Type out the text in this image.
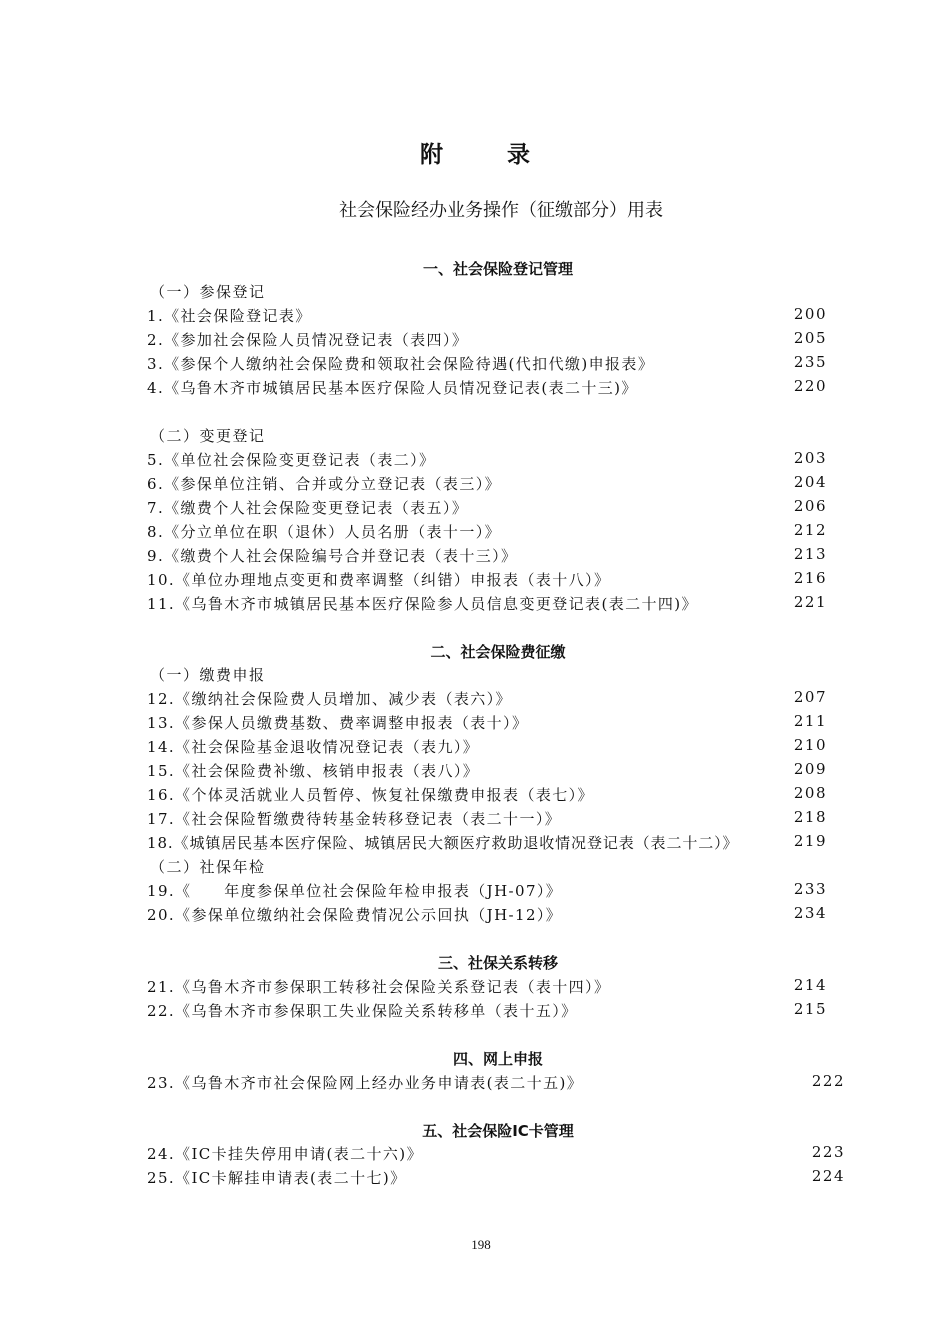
附 录
社会保险经办业务操作（征缴部分）用表
一、社会保险登记管理
（一）参保登记
1.《社会保险登记表》	200
2.《参加社会保险人员情况登记表（表四）》	205
3.《参保个人缴纳社会保险费和领取社会保险待遇(代扣代缴)申报表》	235
4.《乌鲁木齐市城镇居民基本医疗保险人员情况登记表(表二十三)》	220
（二）变更登记
5.《单位社会保险变更登记表（表二）》	203
6.《参保单位注销、合并或分立登记表（表三）》	204
7.《缴费个人社会保险变更登记表（表五）》	206
8.《分立单位在职（退休）人员名册（表十一）》	212
9.《缴费个人社会保险编号合并登记表（表十三）》	213
10.《单位办理地点变更和费率调整（纠错）申报表（表十八）》	216
11.《乌鲁木齐市城镇居民基本医疗保险参人员信息变更登记表(表二十四)》	221
二、社会保险费征缴
（一）缴费申报
12.《缴纳社会保险费人员增加、减少表（表六）》	207
13.《参保人员缴费基数、费率调整申报表（表十）》	211
14.《社会保险基金退收情况登记表（表九）》	210
15.《社会保险费补缴、核销申报表（表八）》	209
16.《个体灵活就业人员暂停、恢复社保缴费申报表（表七）》	208
17.《社会保险暂缴费待转基金转移登记表（表二十一）》	218
18.《城镇居民基本医疗保险、城镇居民大额医疗救助退收情况登记表（表二十二）》	219
（二）社保年检
19.《　　年度参保单位社会保险年检申报表（JH-07）》	233
20.《参保单位缴纳社会保险费情况公示回执（JH-12）》	234
三、社保关系转移
21.《乌鲁木齐市参保职工转移社会保险关系登记表（表十四）》	214
22.《乌鲁木齐市参保职工失业保险关系转移单（表十五）》	215
四、网上申报
23.《乌鲁木齐市社会保险网上经办业务申请表(表二十五)》	222
五、社会保险IC卡管理
24.《IC卡挂失停用申请(表二十六)》	223
25.《IC卡解挂申请表(表二十七)》	224
198
